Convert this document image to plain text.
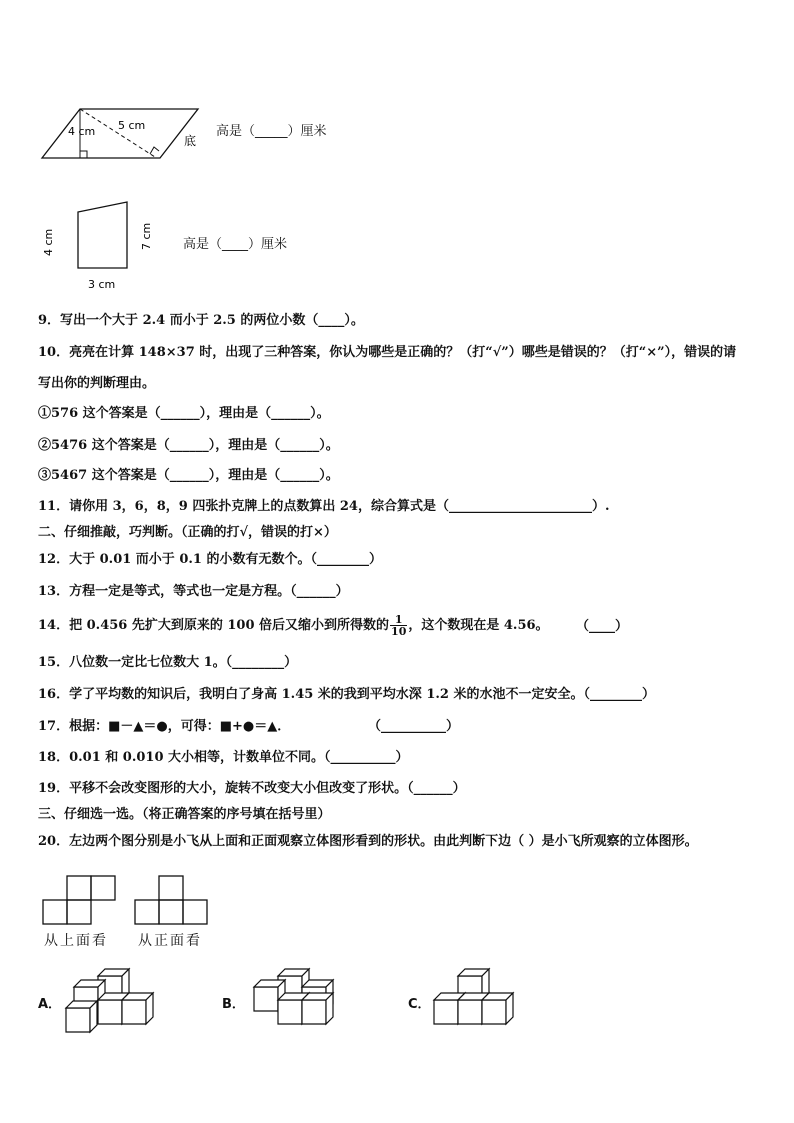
4 cm 5 cm
底
高是（_____）厘米
4 cm	7 cm
3 cm
高是（____）厘米
9．写出一个大于 2.4 而小于 2.5 的两位小数（____）。
10．亮亮在计算 148×37 时，出现了三种答案，你认为哪些是正确的？（打“√”）哪些是错误的？（打“×”），错误的请
写出你的判断理由。
①576 这个答案是（______），理由是（______）。
②5476 这个答案是（______），理由是（______）。
③5467 这个答案是（______），理由是（______）。
11．请你用 3，6，8，9 四张扑克牌上的点数算出 24，综合算式是（______________________）.
二、仔细推敲，巧判断。（正确的打√，错误的打×）
12．大于 0.01 而小于 0.1 的小数有无数个。（________）
13．方程一定是等式，等式也一定是方程。（______）
14．把 0.456 先扩大到原来的 100 倍后又缩小到所得数的 $\frac{1}{10}$ ，这个数现在是 4.56。 （____）
15．八位数一定比七位数大 1。（________）
16．学了平均数的知识后，我明白了身高 1.45 米的我到平均水深 1.2 米的水池不一定安全。（________）
17．根据：■－▲＝●，可得：■+●＝▲．	（__________）
18．0.01 和 0.010 大小相等，计数单位不同。（__________）
19．平移不会改变图形的大小，旋转不改变大小但改变了形状。（______）
三、仔细选一选。（将正确答案的序号填在括号里）
20．左边两个图分别是小飞从上面和正面观察立体图形看到的形状。由此判断下边（ ）是小飞所观察的立体图形。
从上面看 从正面看
A．	B．	C．
